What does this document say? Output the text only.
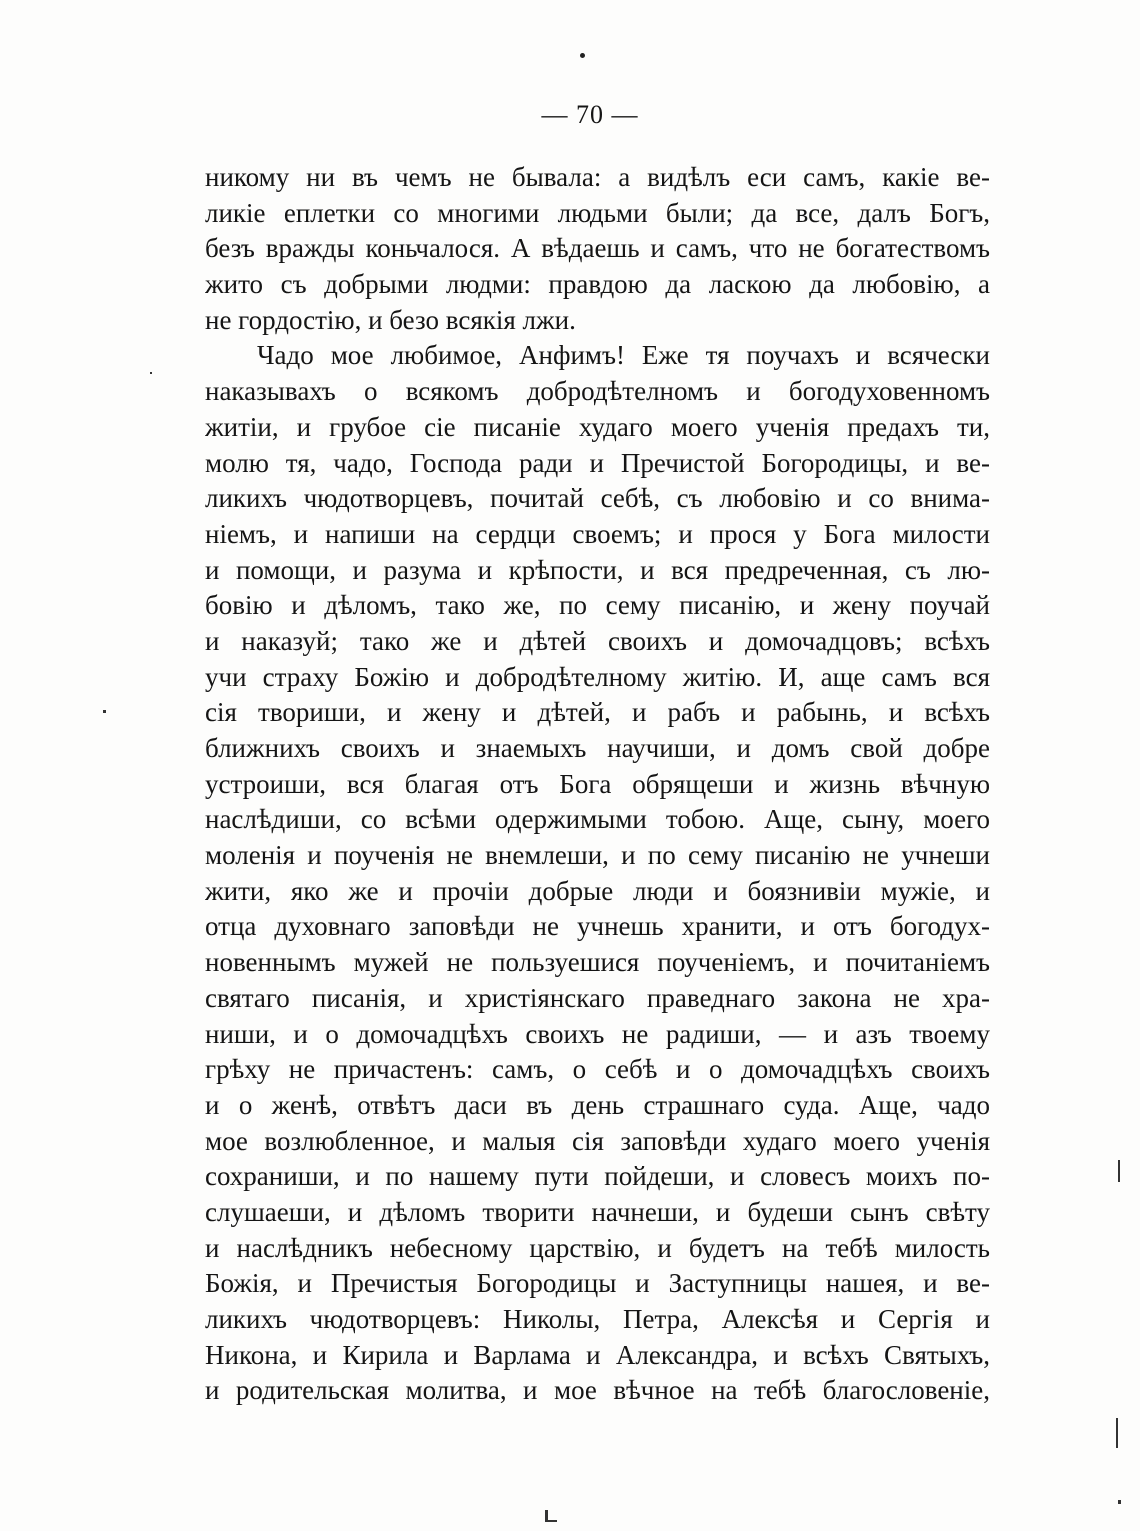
— 70 —
никому ни въ чемъ не бывала: а видѣлъ еси самъ, какіе ве-
ликіе еплетки со многими людьми были; да все, далъ Богъ,
безъ вражды коньчалося. А вѣдаешь и самъ, что не богатествомъ
жито съ добрыми людми: правдою да ласкою да любовію, а
не гордостію, и безо всякія лжи.
Чадо мое любимое, Анфимъ! Еже тя поучахъ и всячески
наказывахъ о всякомъ добродѣтелномъ и богодуховенномъ
житіи, и грубое сіе писаніе худаго моего ученія предахъ ти,
молю тя, чадо, Господа ради и Пречистой Богородицы, и ве-
ликихъ чюдотворцевъ, почитай себѣ, съ любовію и со внима-
ніемъ, и напиши на сердци своемъ; и прося у Бога милости
и помощи, и разума и крѣпости, и вся предреченная, съ лю-
бовію и дѣломъ, тако же, по сему писанію, и жену поучай
и наказуй; тако же и дѣтей своихъ и домочадцовъ; всѣхъ
учи страху Божію и добродѣтелному житію. И, аще самъ вся
сія твориши, и жену и дѣтей, и рабъ и рабынь, и всѣхъ
ближнихъ своихъ и знаемыхъ научиши, и домъ свой добре
устроиши, вся благая отъ Бога обрящеши и жизнь вѣчную
наслѣдиши, со всѣми одержимыми тобою. Аще, сыну, моего
моленія и поученія не внемлеши, и по сему писанію не учнеши
жити, яко же и прочіи добрые люди и боязнивіи мужіе, и
отца духовнаго заповѣди не учнешь хранити, и отъ богодух-
новеннымъ мужей не пользуешися поученіемъ, и почитаніемъ
святаго писанія, и христіянскаго праведнаго закона не хра-
ниши, и о домочадцѣхъ своихъ не радиши, — и азъ твоему
грѣху не причастенъ: самъ, о себѣ и о домочадцѣхъ своихъ
и о женѣ, отвѣтъ даси въ день страшнаго суда. Аще, чадо
мое возлюбленное, и малыя сія заповѣди худаго моего ученія
сохраниши, и по нашему пути пойдеши, и словесъ моихъ по-
слушаеши, и дѣломъ творити начнеши, и будеши сынъ свѣту
и наслѣдникъ небесному царствію, и будетъ на тебѣ милость
Божія, и Пречистыя Богородицы и Заступницы нашея, и ве-
ликихъ чюдотворцевъ: Николы, Петра, Алексѣя и Сергія и
Никона, и Кирила и Варлама и Александра, и всѣхъ Святыхъ,
и родительская молитва, и мое вѣчное на тебѣ благословеніе,
